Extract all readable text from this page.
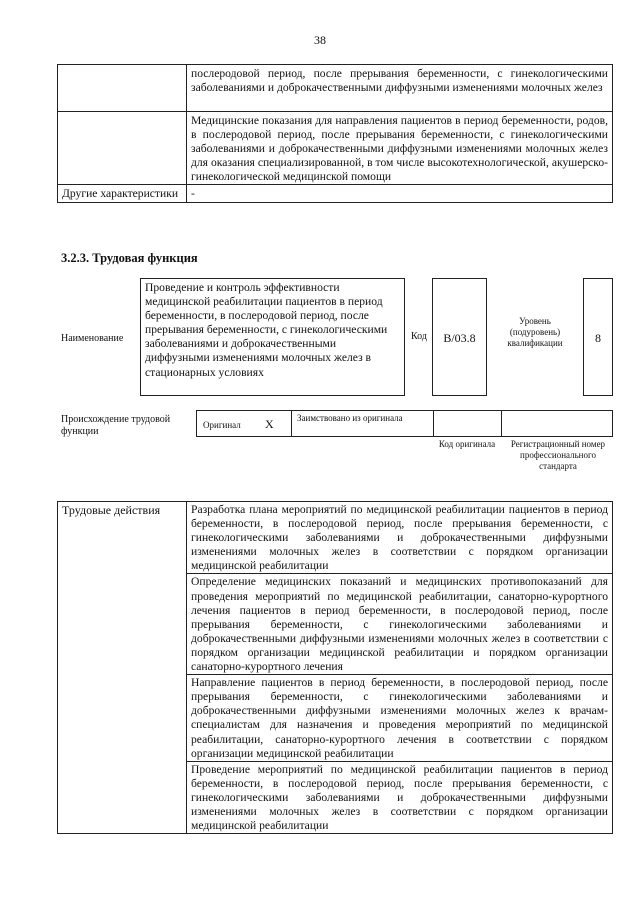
38
	послеродовой период, после прерывания беременности, с гинекологическими заболеваниями и доброкачественными диффузными изменениями молочных желез
	Медицинские показания для направления пациентов в период беременности, родов, в послеродовой период, после прерывания беременности, с гинекологическими заболеваниями и доброкачественными диффузными изменениями молочных желез для оказания специализированной, в том числе высокотехнологической, акушерско-гинекологической медицинской помощи
Другие характеристики	-
3.2.3. Трудовая функция
Наименование
Проведение и контроль эффективности медицинской реабилитации пациентов в период беременности, в послеродовой период, после прерывания беременности, с гинекологическими заболеваниями и доброкачественными диффузными изменениями молочных желез в стационарных условиях
Код	B/03.8
Уровень (подуровень) квалификации	8
Происхождение трудовой функции
Оригинал X	Заимствовано из оригинала
Код оригинала	Регистрационный номер профессионального стандарта
Трудовые действия	Разработка плана мероприятий по медицинской реабилитации пациентов в период беременности, в послеродовой период, после прерывания беременности, с гинекологическими заболеваниями и доброкачественными диффузными изменениями молочных желез в соответствии с порядком организации медицинской реабилитации
Определение медицинских показаний и медицинских противопоказаний для проведения мероприятий по медицинской реабилитации, санаторно-курортного лечения пациентов в период беременности, в послеродовой период, после прерывания беременности, с гинекологическими заболеваниями и доброкачественными диффузными изменениями молочных желез в соответствии с порядком организации медицинской реабилитации и порядком организации санаторно-курортного лечения
Направление пациентов в период беременности, в послеродовой период, после прерывания беременности, с гинекологическими заболеваниями и доброкачественными диффузными изменениями молочных желез к врачам-специалистам для назначения и проведения мероприятий по медицинской реабилитации, санаторно-курортного лечения в соответствии с порядком организации медицинской реабилитации
Проведение мероприятий по медицинской реабилитации пациентов в период беременности, в послеродовой период, после прерывания беременности, с гинекологическими заболеваниями и доброкачественными диффузными изменениями молочных желез в соответствии с порядком организации медицинской реабилитации
